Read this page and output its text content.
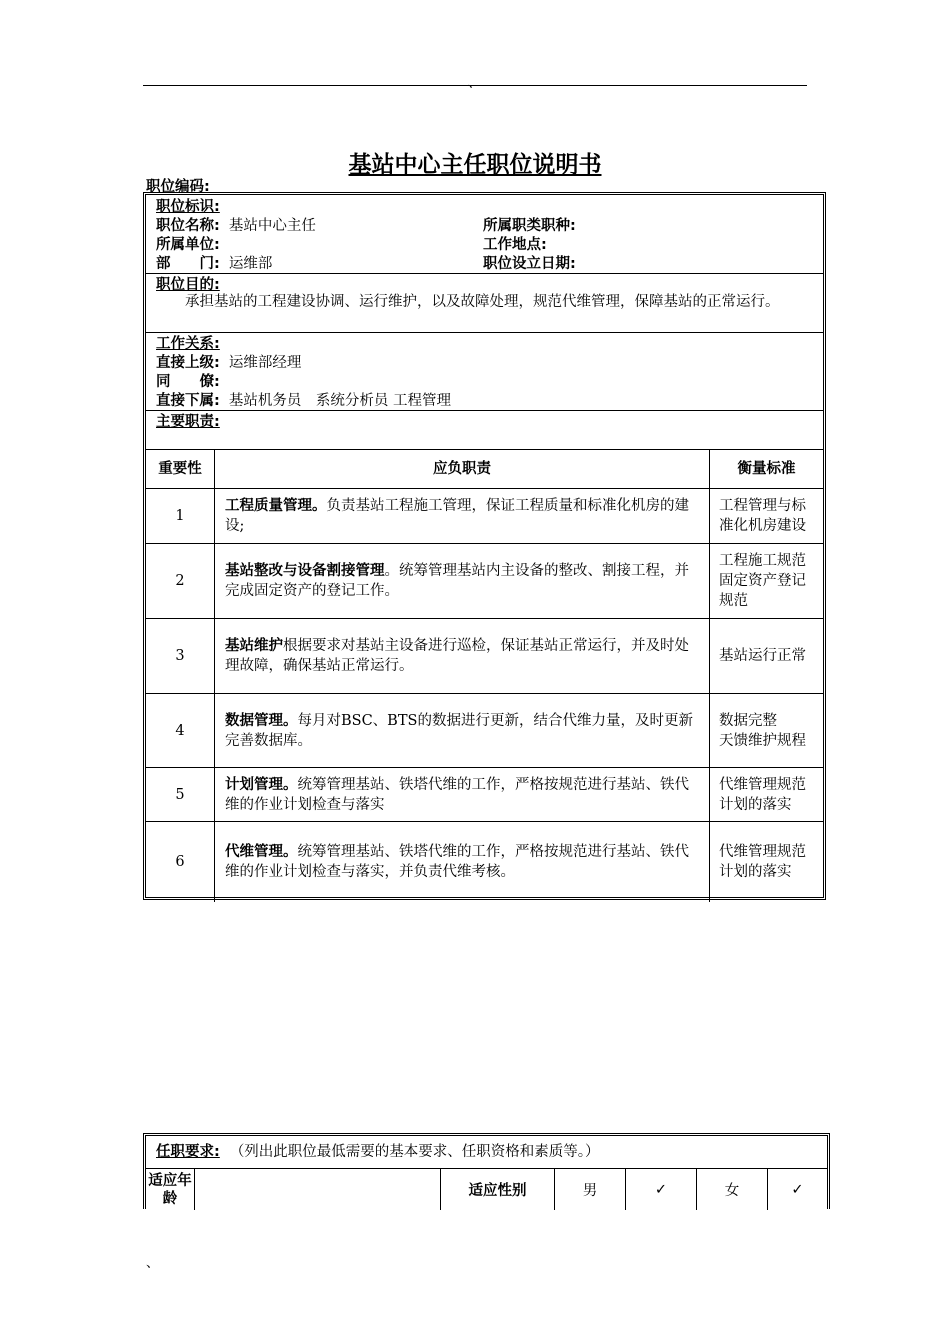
、
基站中心主任职位说明书
职位编码:
职位标识:
职位名称: 基站中心主任	所属职类职种:
所属单位:	工作地点:
部　　门: 运维部	职位设立日期:
职位目的:
承担基站的工程建设协调、运行维护，以及故障处理，规范代维管理，保障基站的正常运行。
工作关系:
直接上级: 运维部经理
同　　僚:
直接下属: 基站机务员　系统分析员 工程管理
主要职责:
重要性	应负职责	衡量标准
1	工程质量管理。负责基站工程施工管理，保证工程质量和标准化机房的建设;	工程管理与标准化机房建设
2	基站整改与设备割接管理。统筹管理基站内主设备的整改、割接工程，并完成固定资产的登记工作。	工程施工规范 固定资产登记规范
3	基站维护根据要求对基站主设备进行巡检，保证基站正常运行，并及时处理故障，确保基站正常运行。	基站运行正常
4	数据管理。每月对BSC、BTS的数据进行更新，结合代维力量，及时更新完善数据库。	数据完整
天馈维护规程
5	计划管理。统筹管理基站、铁塔代维的工作，严格按规范进行基站、铁代维的作业计划检查与落实	代维管理规范
计划的落实
6	代维管理。统筹管理基站、铁塔代维的工作，严格按规范进行基站、铁代维的作业计划检查与落实，并负责代维考核。	代维管理规范
计划的落实
任职要求: （列出此职位最低需要的基本要求、任职资格和素质等。）
适应年龄		适应性别	男	✓	女	✓
、
